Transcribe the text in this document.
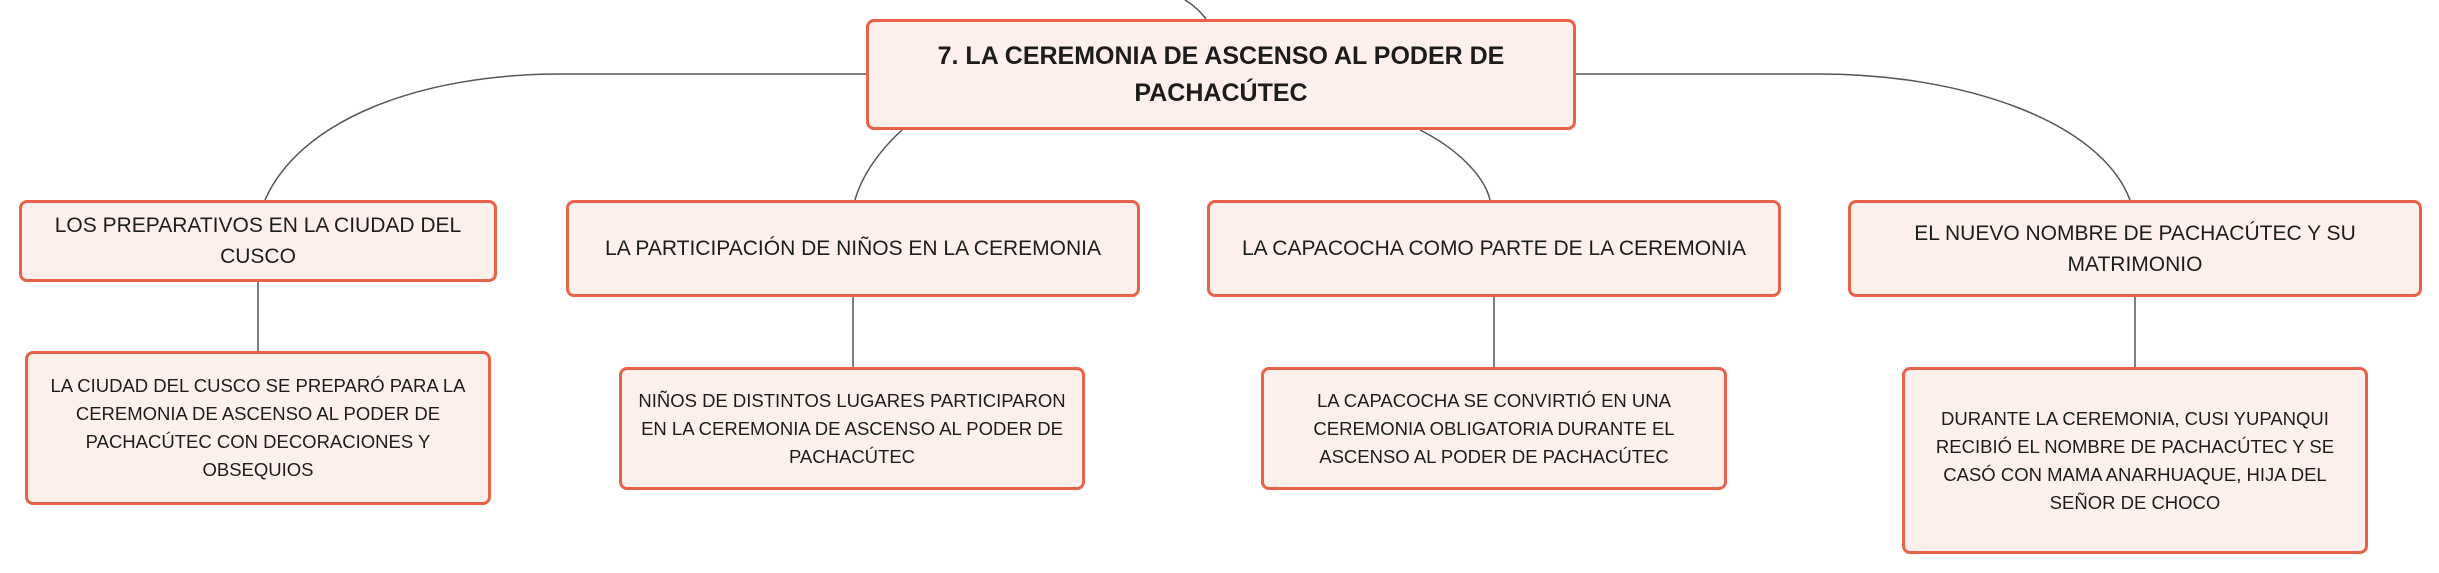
7. LA CEREMONIA DE ASCENSO AL PODER DE PACHACÚTEC
LOS PREPARATIVOS EN LA CIUDAD DEL CUSCO	LA PARTICIPACIÓN DE NIÑOS EN LA CEREMONIA	LA CAPACOCHA COMO PARTE DE LA CEREMONIA
EL NUEVO NOMBRE DE PACHACÚTEC Y SU MATRIMONIO
LA CIUDAD DEL CUSCO SE PREPARÓ PARA LA CEREMONIA DE ASCENSO AL PODER DE PACHACÚTEC CON DECORACIONES Y OBSEQUIOS
NIÑOS DE DISTINTOS LUGARES PARTICIPARON EN LA CEREMONIA DE ASCENSO AL PODER DE PACHACÚTEC
LA CAPACOCHA SE CONVIRTIÓ EN UNA CEREMONIA OBLIGATORIA DURANTE EL ASCENSO AL PODER DE PACHACÚTEC
DURANTE LA CEREMONIA, CUSI YUPANQUI RECIBIÓ EL NOMBRE DE PACHACÚTEC Y SE CASÓ CON MAMA ANARHUAQUE, HIJA DEL SEÑOR DE CHOCO
